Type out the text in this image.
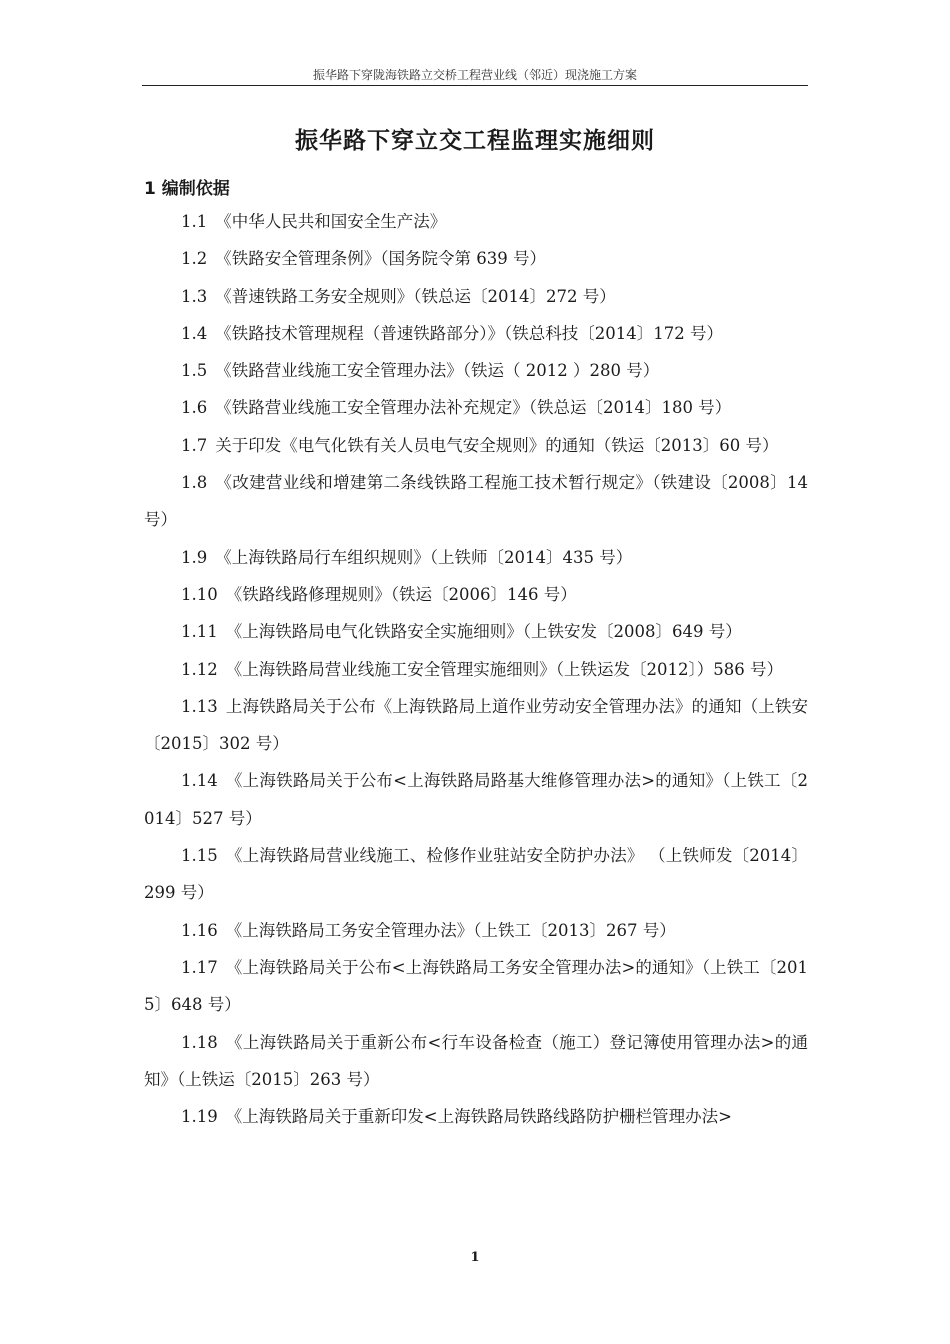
振华路下穿陇海铁路立交桥工程营业线（邻近）现浇施工方案
振华路下穿立交工程监理实施细则
1 编制依据
1.1 《中华人民共和国安全生产法》
1.2 《铁路安全管理条例》（国务院令第 639 号）
1.3 《普速铁路工务安全规则》（铁总运〔2014〕272 号）
1.4 《铁路技术管理规程（普速铁路部分）》（铁总科技〔2014〕172 号）
1.5 《铁路营业线施工安全管理办法》（铁运（ 2012 ）280 号）
1.6 《铁路营业线施工安全管理办法补充规定》（铁总运〔2014〕180 号）
1.7 关于印发《电气化铁有关人员电气安全规则》的通知（铁运〔2013〕60 号）
1.8 《改建营业线和增建第二条线铁路工程施工技术暂行规定》（铁建设〔2008〕14 号）
1.9 《上海铁路局行车组织规则》（上铁师〔2014〕435 号）
1.10 《铁路线路修理规则》（铁运〔2006〕146 号）
1.11 《上海铁路局电气化铁路安全实施细则》（上铁安发〔2008〕649 号）
1.12 《上海铁路局营业线施工安全管理实施细则》（上铁运发〔2012〕）586 号）
1.13 上海铁路局关于公布《上海铁路局上道作业劳动安全管理办法》的通知（上铁安〔2015〕302 号）
1.14 《上海铁路局关于公布<上海铁路局路基大维修管理办法>的通知》（上铁工〔2014〕527 号）
1.15 《上海铁路局营业线施工、检修作业驻站安全防护办法》 （上铁师发〔2014〕299 号）
1.16 《上海铁路局工务安全管理办法》（上铁工〔2013〕267 号）
1.17 《上海铁路局关于公布<上海铁路局工务安全管理办法>的通知》（上铁工〔2015〕648 号）
1.18 《上海铁路局关于重新公布<行车设备检查（施工）登记簿使用管理办法>的通知》（上铁运〔2015〕263 号）
1.19 《上海铁路局关于重新印发<上海铁路局铁路线路防护栅栏管理办法>
1
